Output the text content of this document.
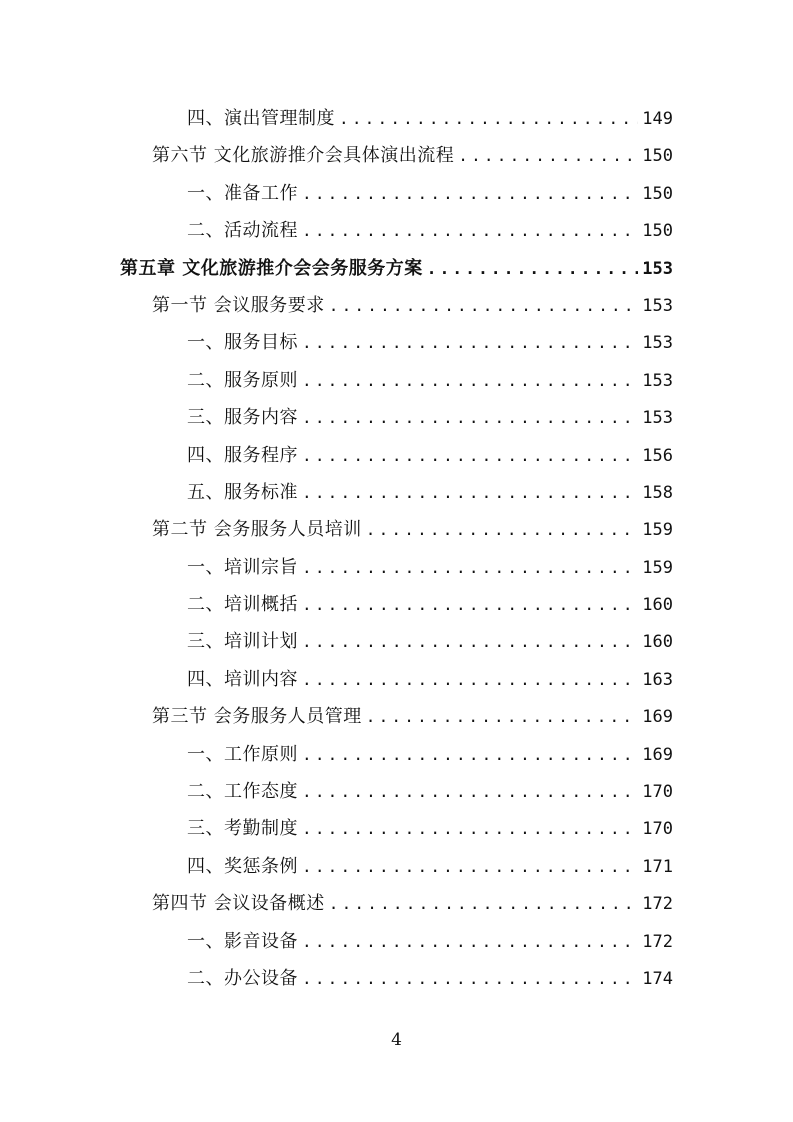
四、演出管理制度 .....	149
第六节 文化旅游推介会具体演出流程 .....	150
一、准备工作 .....	150
二、活动流程 .....	150
第五章 文化旅游推介会会务服务方案 .....	153
第一节 会议服务要求 .....	153
一、服务目标 .....	153
二、服务原则 .....	153
三、服务内容 .....	153
四、服务程序 .....	156
五、服务标准 .....	158
第二节 会务服务人员培训 .....	159
一、培训宗旨 .....	159
二、培训概括 .....	160
三、培训计划 .....	160
四、培训内容 .....	163
第三节 会务服务人员管理 .....	169
一、工作原则 .....	169
二、工作态度 .....	170
三、考勤制度 .....	170
四、奖惩条例 .....	171
第四节 会议设备概述 .....	172
一、影音设备 .....	172
二、办公设备 .....	174
4
